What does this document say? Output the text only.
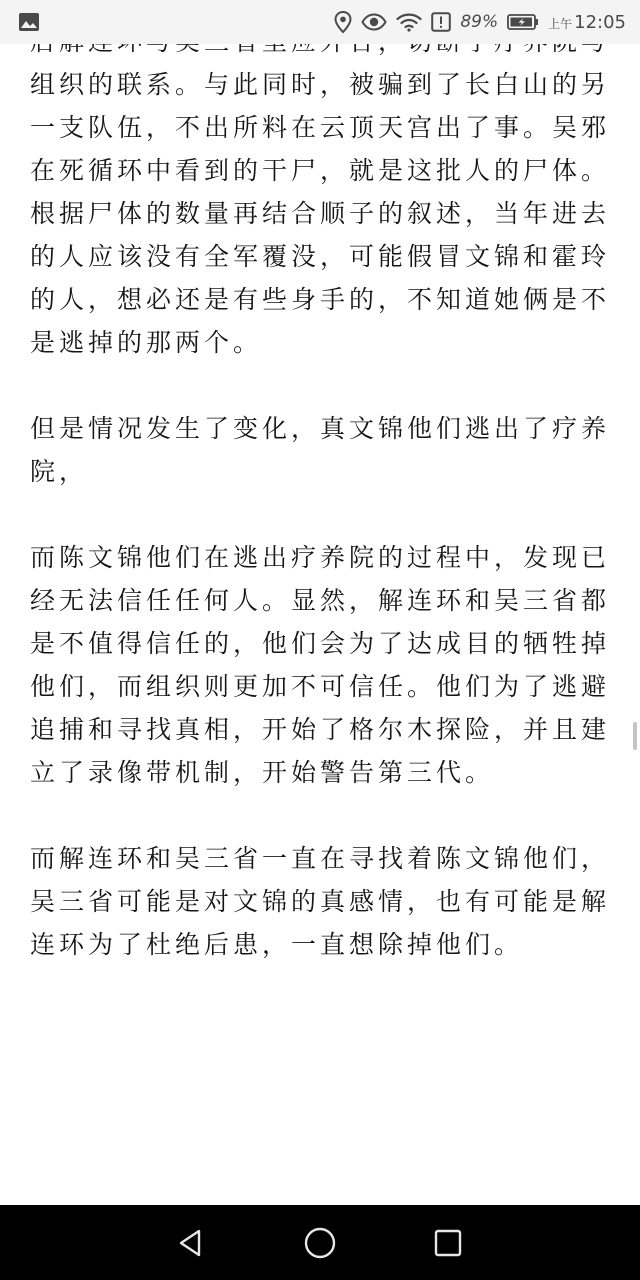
89%	上午 12:05

组织的联系。与此同时，被骗到了长白山的另一支队伍，不出所料在云顶天宫出了事。吴邪在死循环中看到的干尸，就是这批人的尸体。根据尸体的数量再结合顺子的叙述，当年进去的人应该没有全军覆没，可能假冒文锦和霍玲的人，想必还是有些身手的，不知道她俩是不是逃掉的那两个。

但是情况发生了变化，真文锦他们逃出了疗养院，

而陈文锦他们在逃出疗养院的过程中，发现已经无法信任任何人。显然，解连环和吴三省都是不值得信任的，他们会为了达成目的牺牲掉他们，而组织则更加不可信任。他们为了逃避追捕和寻找真相，开始了格尔木探险，并且建立了录像带机制，开始警告第三代。

而解连环和吴三省一直在寻找着陈文锦他们，吴三省可能是对文锦的真感情，也有可能是解连环为了杜绝后患，一直想除掉他们。
